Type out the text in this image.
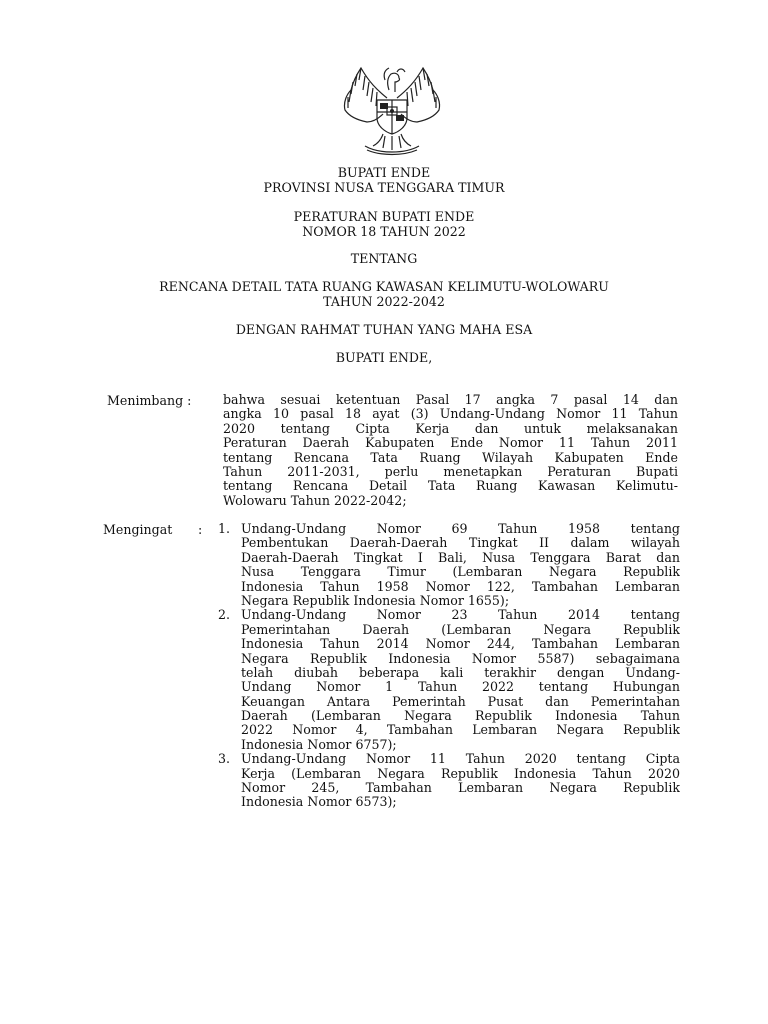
BUPATI ENDE
PROVINSI NUSA TENGGARA TIMUR
PERATURAN BUPATI ENDE
NOMOR 18 TAHUN 2022
TENTANG
RENCANA DETAIL TATA RUANG KAWASAN KELIMUTU-WOLOWARU
TAHUN 2022-2042
DENGAN RAHMAT TUHAN YANG MAHA ESA
BUPATI ENDE,
Menimbang :	bahwa sesuai ketentuan Pasal 17 angka 7 pasal 14 dan
angka 10 pasal 18 ayat (3) Undang-Undang Nomor 11 Tahun
2020 tentang Cipta Kerja dan untuk melaksanakan
Peraturan Daerah Kabupaten Ende Nomor 11 Tahun 2011
tentang Rencana Tata Ruang Wilayah Kabupaten Ende
Tahun 2011-2031, perlu menetapkan Peraturan Bupati
tentang Rencana Detail Tata Ruang Kawasan Kelimutu-
Wolowaru Tahun 2022-2042;
Mengingat : 1. Undang-Undang Nomor 69 Tahun 1958 tentang
Pembentukan Daerah-Daerah Tingkat II dalam wilayah
Daerah-Daerah Tingkat I Bali, Nusa Tenggara Barat dan
Nusa Tenggara Timur (Lembaran Negara Republik
Indonesia Tahun 1958 Nomor 122, Tambahan Lembaran
Negara Republik Indonesia Nomor 1655);
2. Undang-Undang Nomor 23 Tahun 2014 tentang
Pemerintahan Daerah (Lembaran Negara Republik
Indonesia Tahun 2014 Nomor 244, Tambahan Lembaran
Negara Republik Indonesia Nomor 5587) sebagaimana
telah diubah beberapa kali terakhir dengan Undang-
Undang Nomor 1 Tahun 2022 tentang Hubungan
Keuangan Antara Pemerintah Pusat dan Pemerintahan
Daerah (Lembaran Negara Republik Indonesia Tahun
2022 Nomor 4, Tambahan Lembaran Negara Republik
Indonesia Nomor 6757);
3. Undang-Undang Nomor 11 Tahun 2020 tentang Cipta
Kerja (Lembaran Negara Republik Indonesia Tahun 2020
Nomor 245, Tambahan Lembaran Negara Republik
Indonesia Nomor 6573);
